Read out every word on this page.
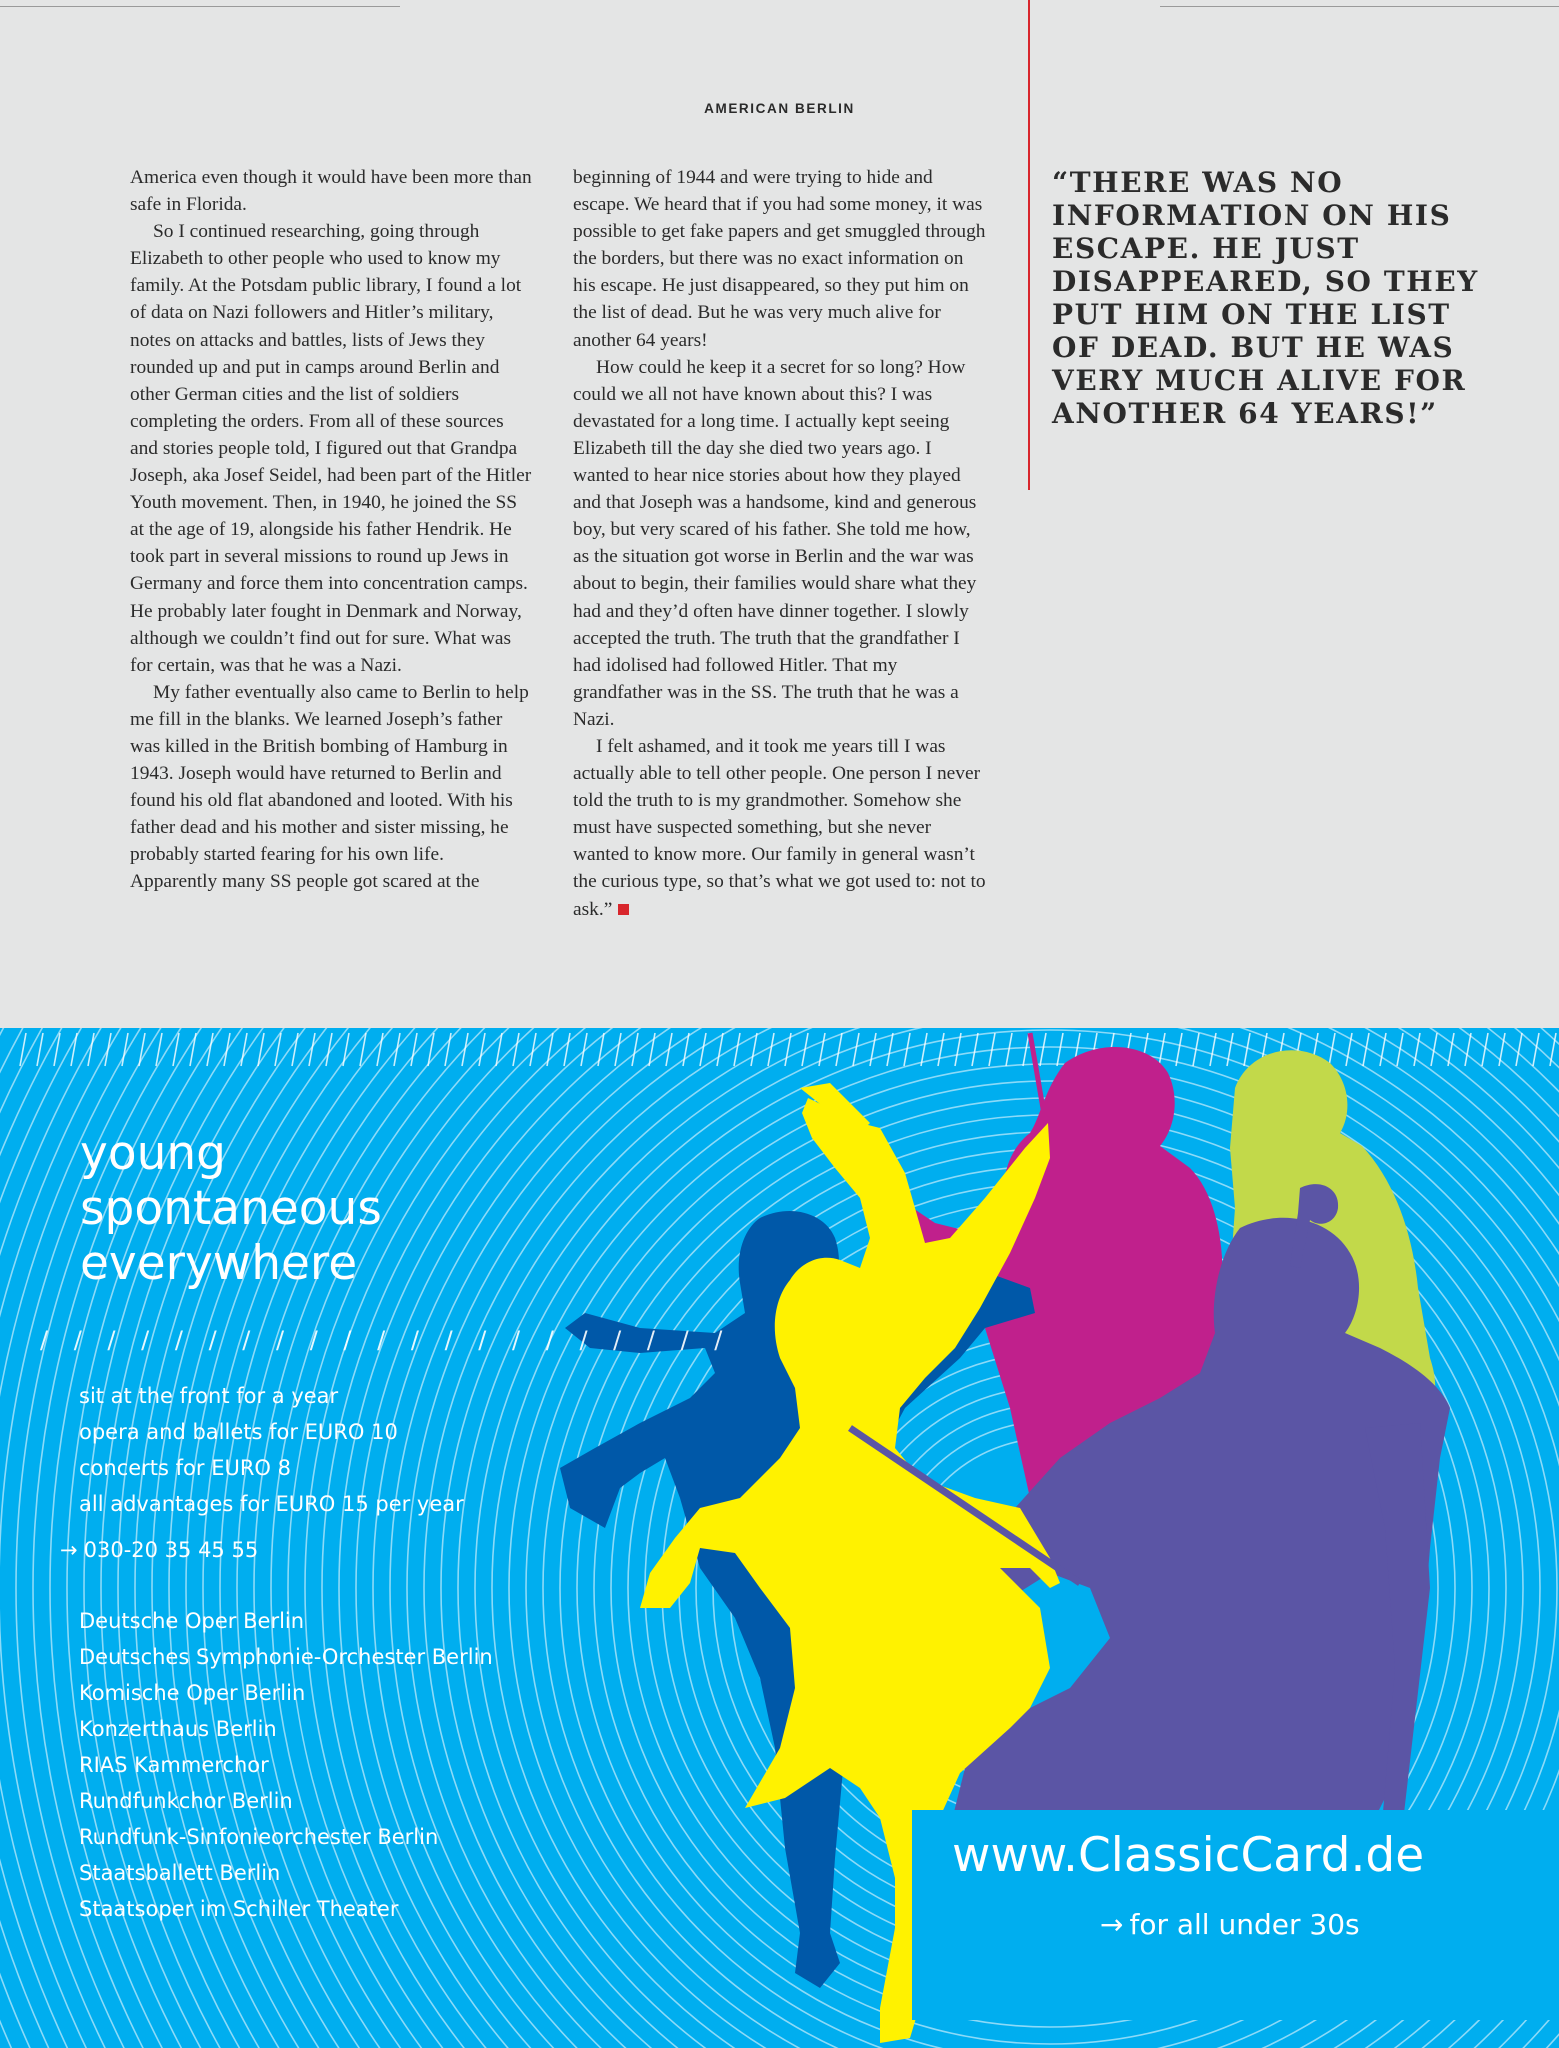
AMERICAN BERLIN

America even though it would have been more than safe in Florida.

So I continued researching, going through Elizabeth to other people who used to know my family. At the Potsdam public library, I found a lot of data on Nazi followers and Hitler’s military, notes on attacks and battles, lists of Jews they rounded up and put in camps around Berlin and other German cities and the list of soldiers completing the orders. From all of these sources and stories people told, I figured out that Grandpa Joseph, aka Josef Seidel, had been part of the Hitler Youth movement. Then, in 1940, he joined the SS at the age of 19, alongside his father Hendrik. He took part in several missions to round up Jews in Germany and force them into concentration camps. He probably later fought in Denmark and Norway, although we couldn’t find out for sure. What was for certain, was that he was a Nazi.

My father eventually also came to Berlin to help me fill in the blanks. We learned Joseph’s father was killed in the British bombing of Hamburg in 1943. Joseph would have returned to Berlin and found his old flat abandoned and looted. With his father dead and his mother and sister missing, he probably started fearing for his own life. Apparently many SS people got scared at the

beginning of 1944 and were trying to hide and escape. We heard that if you had some money, it was possible to get fake papers and get smuggled through the borders, but there was no exact information on his escape. He just disappeared, so they put him on the list of dead. But he was very much alive for another 64 years!

How could he keep it a secret for so long? How could we all not have known about this? I was devastated for a long time. I actually kept seeing Elizabeth till the day she died two years ago. I wanted to hear nice stories about how they played and that Joseph was a handsome, kind and generous boy, but very scared of his father. She told me how, as the situation got worse in Berlin and the war was about to begin, their families would share what they had and they’d often have dinner together. I slowly accepted the truth. The truth that the grandfather I had idolised had followed Hitler. That my grandfather was in the SS. The truth that he was a Nazi.

I felt ashamed, and it took me years till I was actually able to tell other people. One person I never told the truth to is my grandmother. Somehow she must have suspected something, but she never wanted to know more. Our family in general wasn’t the curious type, so that’s what we got used to: not to ask.”

“THERE WAS NO INFORMATION ON HIS ESCAPE. HE JUST DISAPPEARED, SO THEY PUT HIM ON THE LIST OF DEAD. BUT HE WAS VERY MUCH ALIVE FOR ANOTHER 64 YEARS!”
young
spontaneous
everywhere
/ / / / / / / / / / / / / / / / / / / / /
sit at the front for a year
opera and ballets for EURO 10
concerts for EURO 8
all advantages for EURO 15 per year
→ 030-20 35 45 55
Deutsche Oper Berlin
Deutsches Symphonie-Orchester Berlin
Komische Oper Berlin
Konzerthaus Berlin
RIAS Kammerchor
Rundfunkchor Berlin
Rundfunk-Sinfonieorchester Berlin
Staatsballett Berlin
Staatsoper im Schiller Theater
www.ClassicCard.de
→ for all under 30s
